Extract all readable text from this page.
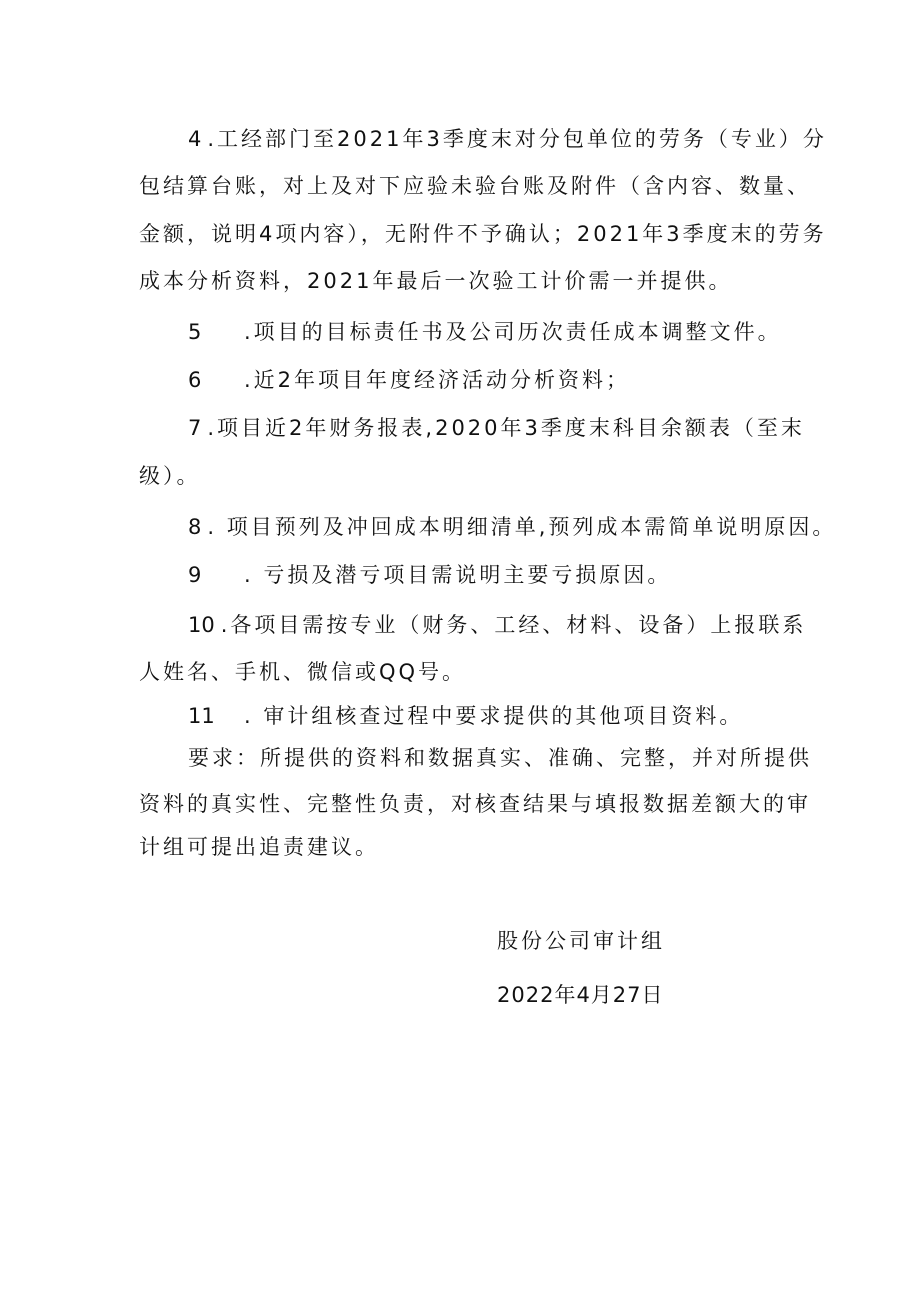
4 .工经部门至2021年3季度末对分包单位的劳务（专业）分
包结算台账，对上及对下应验未验台账及附件（含内容、数量、
金额，说明4项内容），无附件不予确认；2021年3季度末的劳务
成本分析资料，2021年最后一次验工计价需一并提供。
5 .项目的目标责任书及公司历次责任成本调整文件。
6 .近2年项目年度经济活动分析资料；
7 .项目近2年财务报表,2020年3季度末科目余额表（至末
级）。
8 . 项目预列及冲回成本明细清单,预列成本需简单说明原因。
9 . 亏损及潜亏项目需说明主要亏损原因。
10 .各项目需按专业（财务、工经、材料、设备）上报联系
人姓名、手机、微信或QQ号。
11 . 审计组核查过程中要求提供的其他项目资料。
要求：所提供的资料和数据真实、准确、完整，并对所提供
资料的真实性、完整性负责，对核查结果与填报数据差额大的审
计组可提出追责建议。
股份公司审计组
2022年4月27日
